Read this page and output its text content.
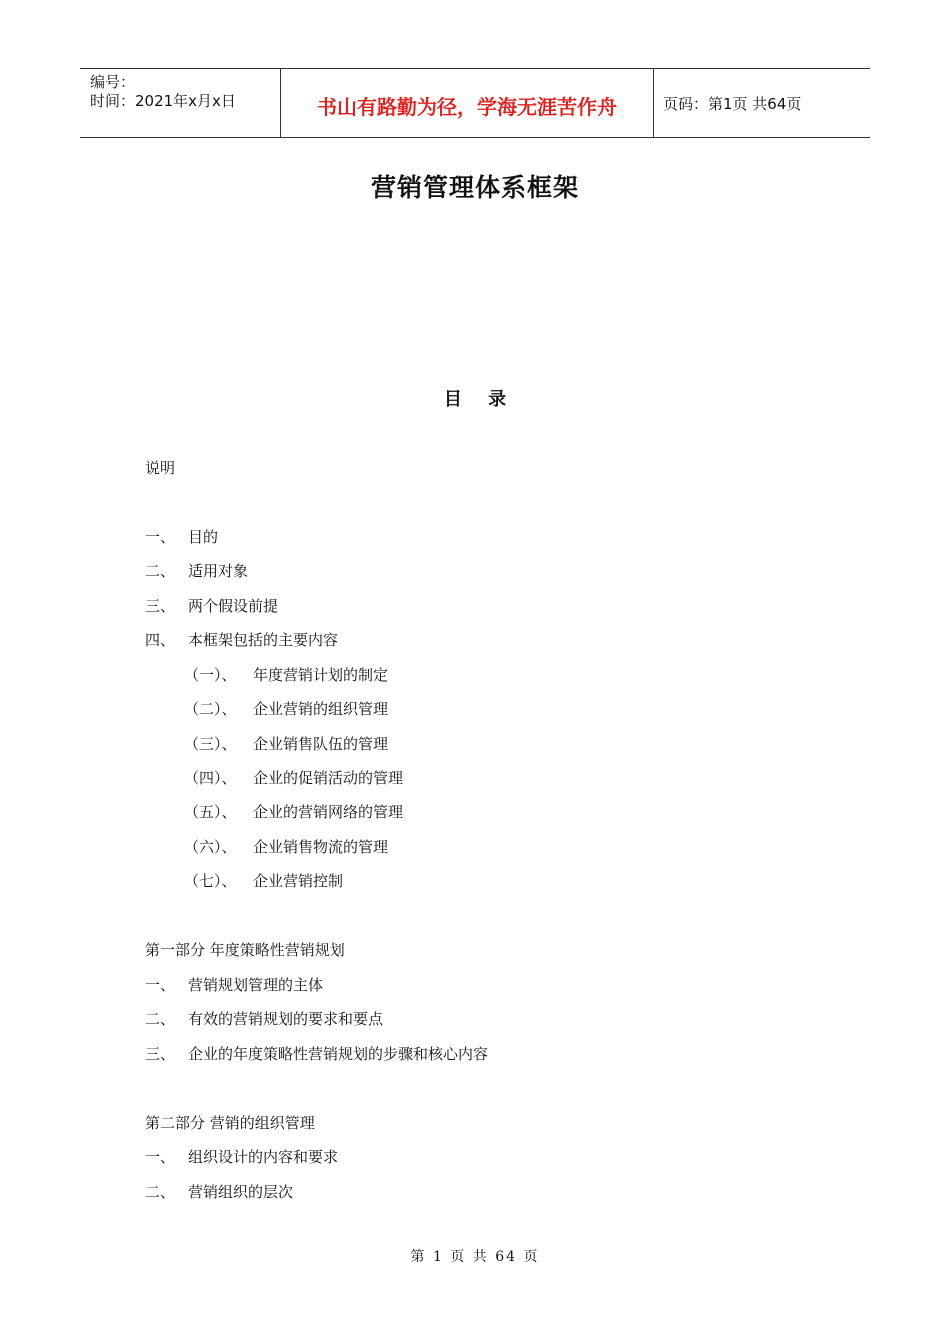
编号：
时间：2021年x月x日	书山有路勤为径，学海无涯苦作舟	页码：第1页 共64页
营销管理体系框架
目 录
说明
一、 目的
二、 适用对象
三、 两个假设前提
四、 本框架包括的主要内容
（一）、 年度营销计划的制定
（二）、 企业营销的组织管理
（三）、 企业销售队伍的管理
（四）、 企业的促销活动的管理
（五）、 企业的营销网络的管理
（六）、 企业销售物流的管理
（七）、 企业营销控制
第一部分 年度策略性营销规划
一、 营销规划管理的主体
二、 有效的营销规划的要求和要点
三、 企业的年度策略性营销规划的步骤和核心内容
第二部分 营销的组织管理
一、 组织设计的内容和要求
二、 营销组织的层次
第 1 页 共 64 页
